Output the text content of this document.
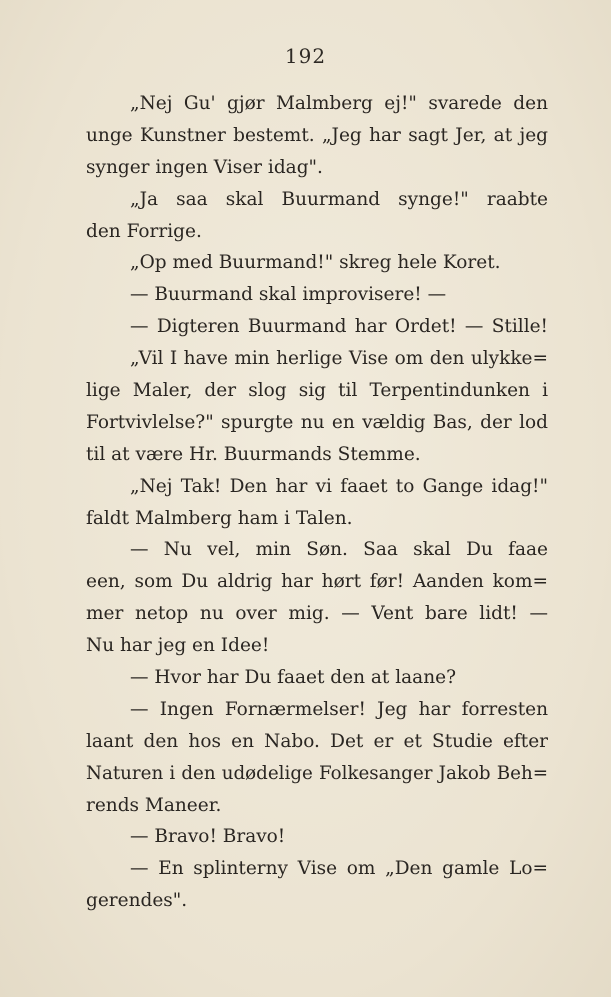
192
„Nej Gu' gjør Malmberg ej!" svarede den
unge Kunstner bestemt. „Jeg har sagt Jer, at jeg
synger ingen Viser idag".
„Ja saa skal Buurmand synge!" raabte
den Forrige.
„Op med Buurmand!" skreg hele Koret.
— Buurmand skal improvisere! —
— Digteren Buurmand har Ordet! — Stille!
„Vil I have min herlige Vise om den ulykke=
lige Maler, der slog sig til Terpentindunken i
Fortvivlelse?" spurgte nu en vældig Bas, der lod
til at være Hr. Buurmands Stemme.
„Nej Tak! Den har vi faaet to Gange idag!"
faldt Malmberg ham i Talen.
— Nu vel, min Søn. Saa skal Du faae
een, som Du aldrig har hørt før! Aanden kom=
mer netop nu over mig. — Vent bare lidt! —
Nu har jeg en Idee!
— Hvor har Du faaet den at laane?
— Ingen Fornærmelser! Jeg har forresten
laant den hos en Nabo. Det er et Studie efter
Naturen i den udødelige Folkesanger Jakob Beh=
rends Maneer.
— Bravo! Bravo!
— En splinterny Vise om „Den gamle Lo=
gerendes".
